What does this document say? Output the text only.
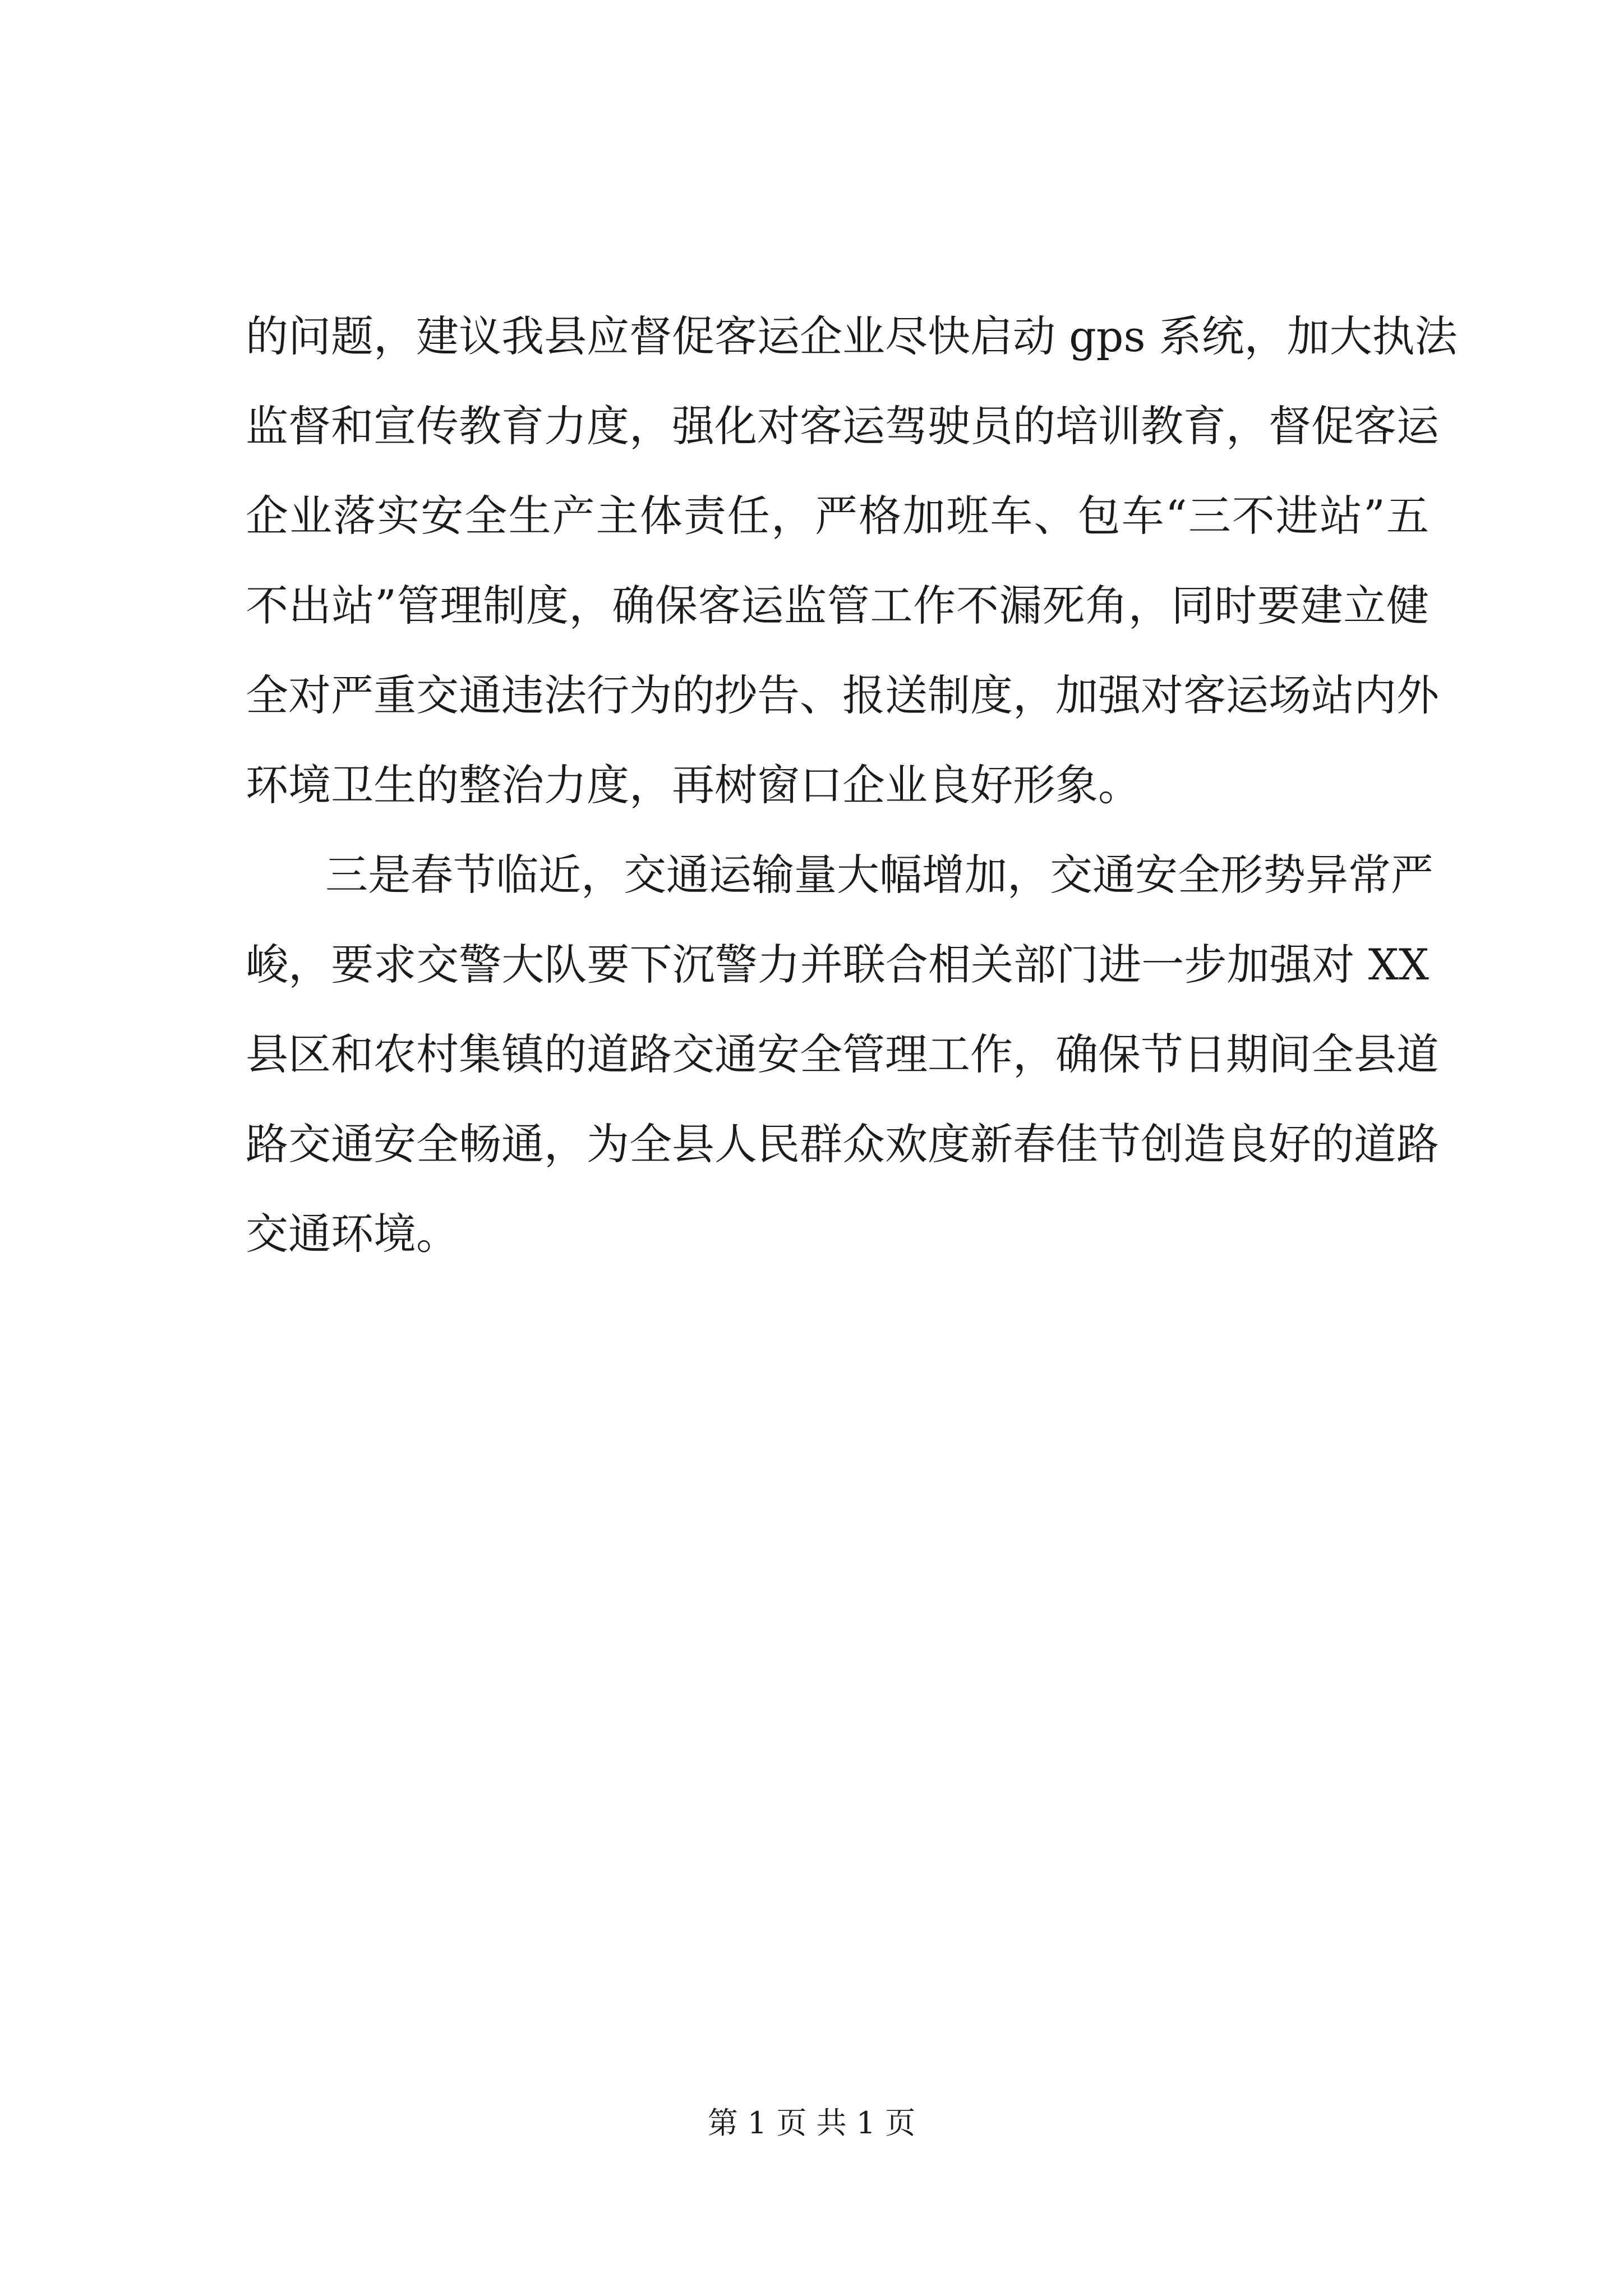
的问题，建议我县应督促客运企业尽快启动 gps 系统，加大执法
监督和宣传教育力度，强化对客运驾驶员的培训教育，督促客运
企业落实安全生产主体责任，严格加班车、包车“三不进站”五
不出站”管理制度，确保客运监管工作不漏死角，同时要建立健
全对严重交通违法行为的抄告、报送制度，加强对客运场站内外
环境卫生的整治力度，再树窗口企业良好形象。
三是春节临近，交通运输量大幅增加，交通安全形势异常严
峻，要求交警大队要下沉警力并联合相关部门进一步加强对 XX
县区和农村集镇的道路交通安全管理工作，确保节日期间全县道
路交通安全畅通，为全县人民群众欢度新春佳节创造良好的道路
交通环境。
第 1 页 共 1 页
